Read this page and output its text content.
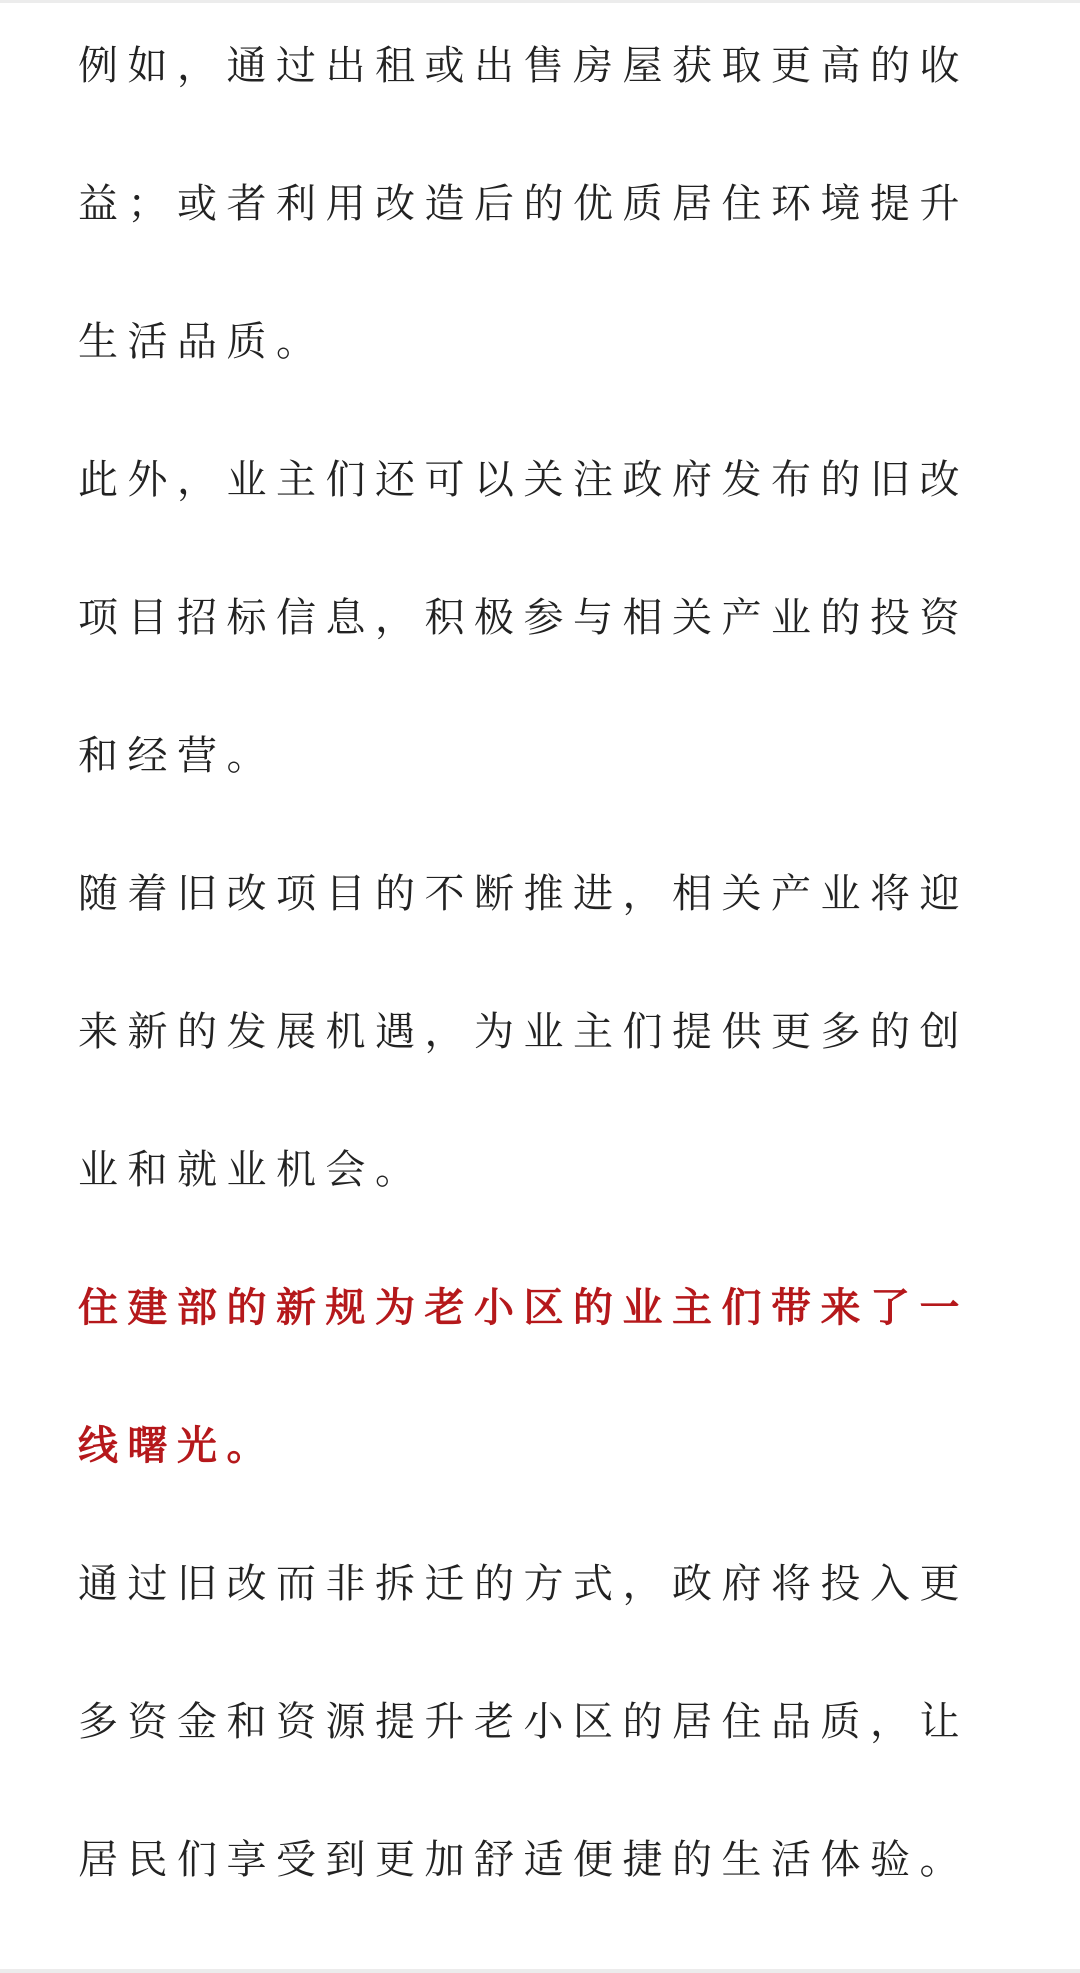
例如，通过出租或出售房屋获取更高的收益；或者利用改造后的优质居住环境提升生活品质。

此外，业主们还可以关注政府发布的旧改项目招标信息，积极参与相关产业的投资和经营。

随着旧改项目的不断推进，相关产业将迎来新的发展机遇，为业主们提供更多的创业和就业机会。

住建部的新规为老小区的业主们带来了一线曙光。

通过旧改而非拆迁的方式，政府将投入更多资金和资源提升老小区的居住品质，让居民们享受到更加舒适便捷的生活体验。
